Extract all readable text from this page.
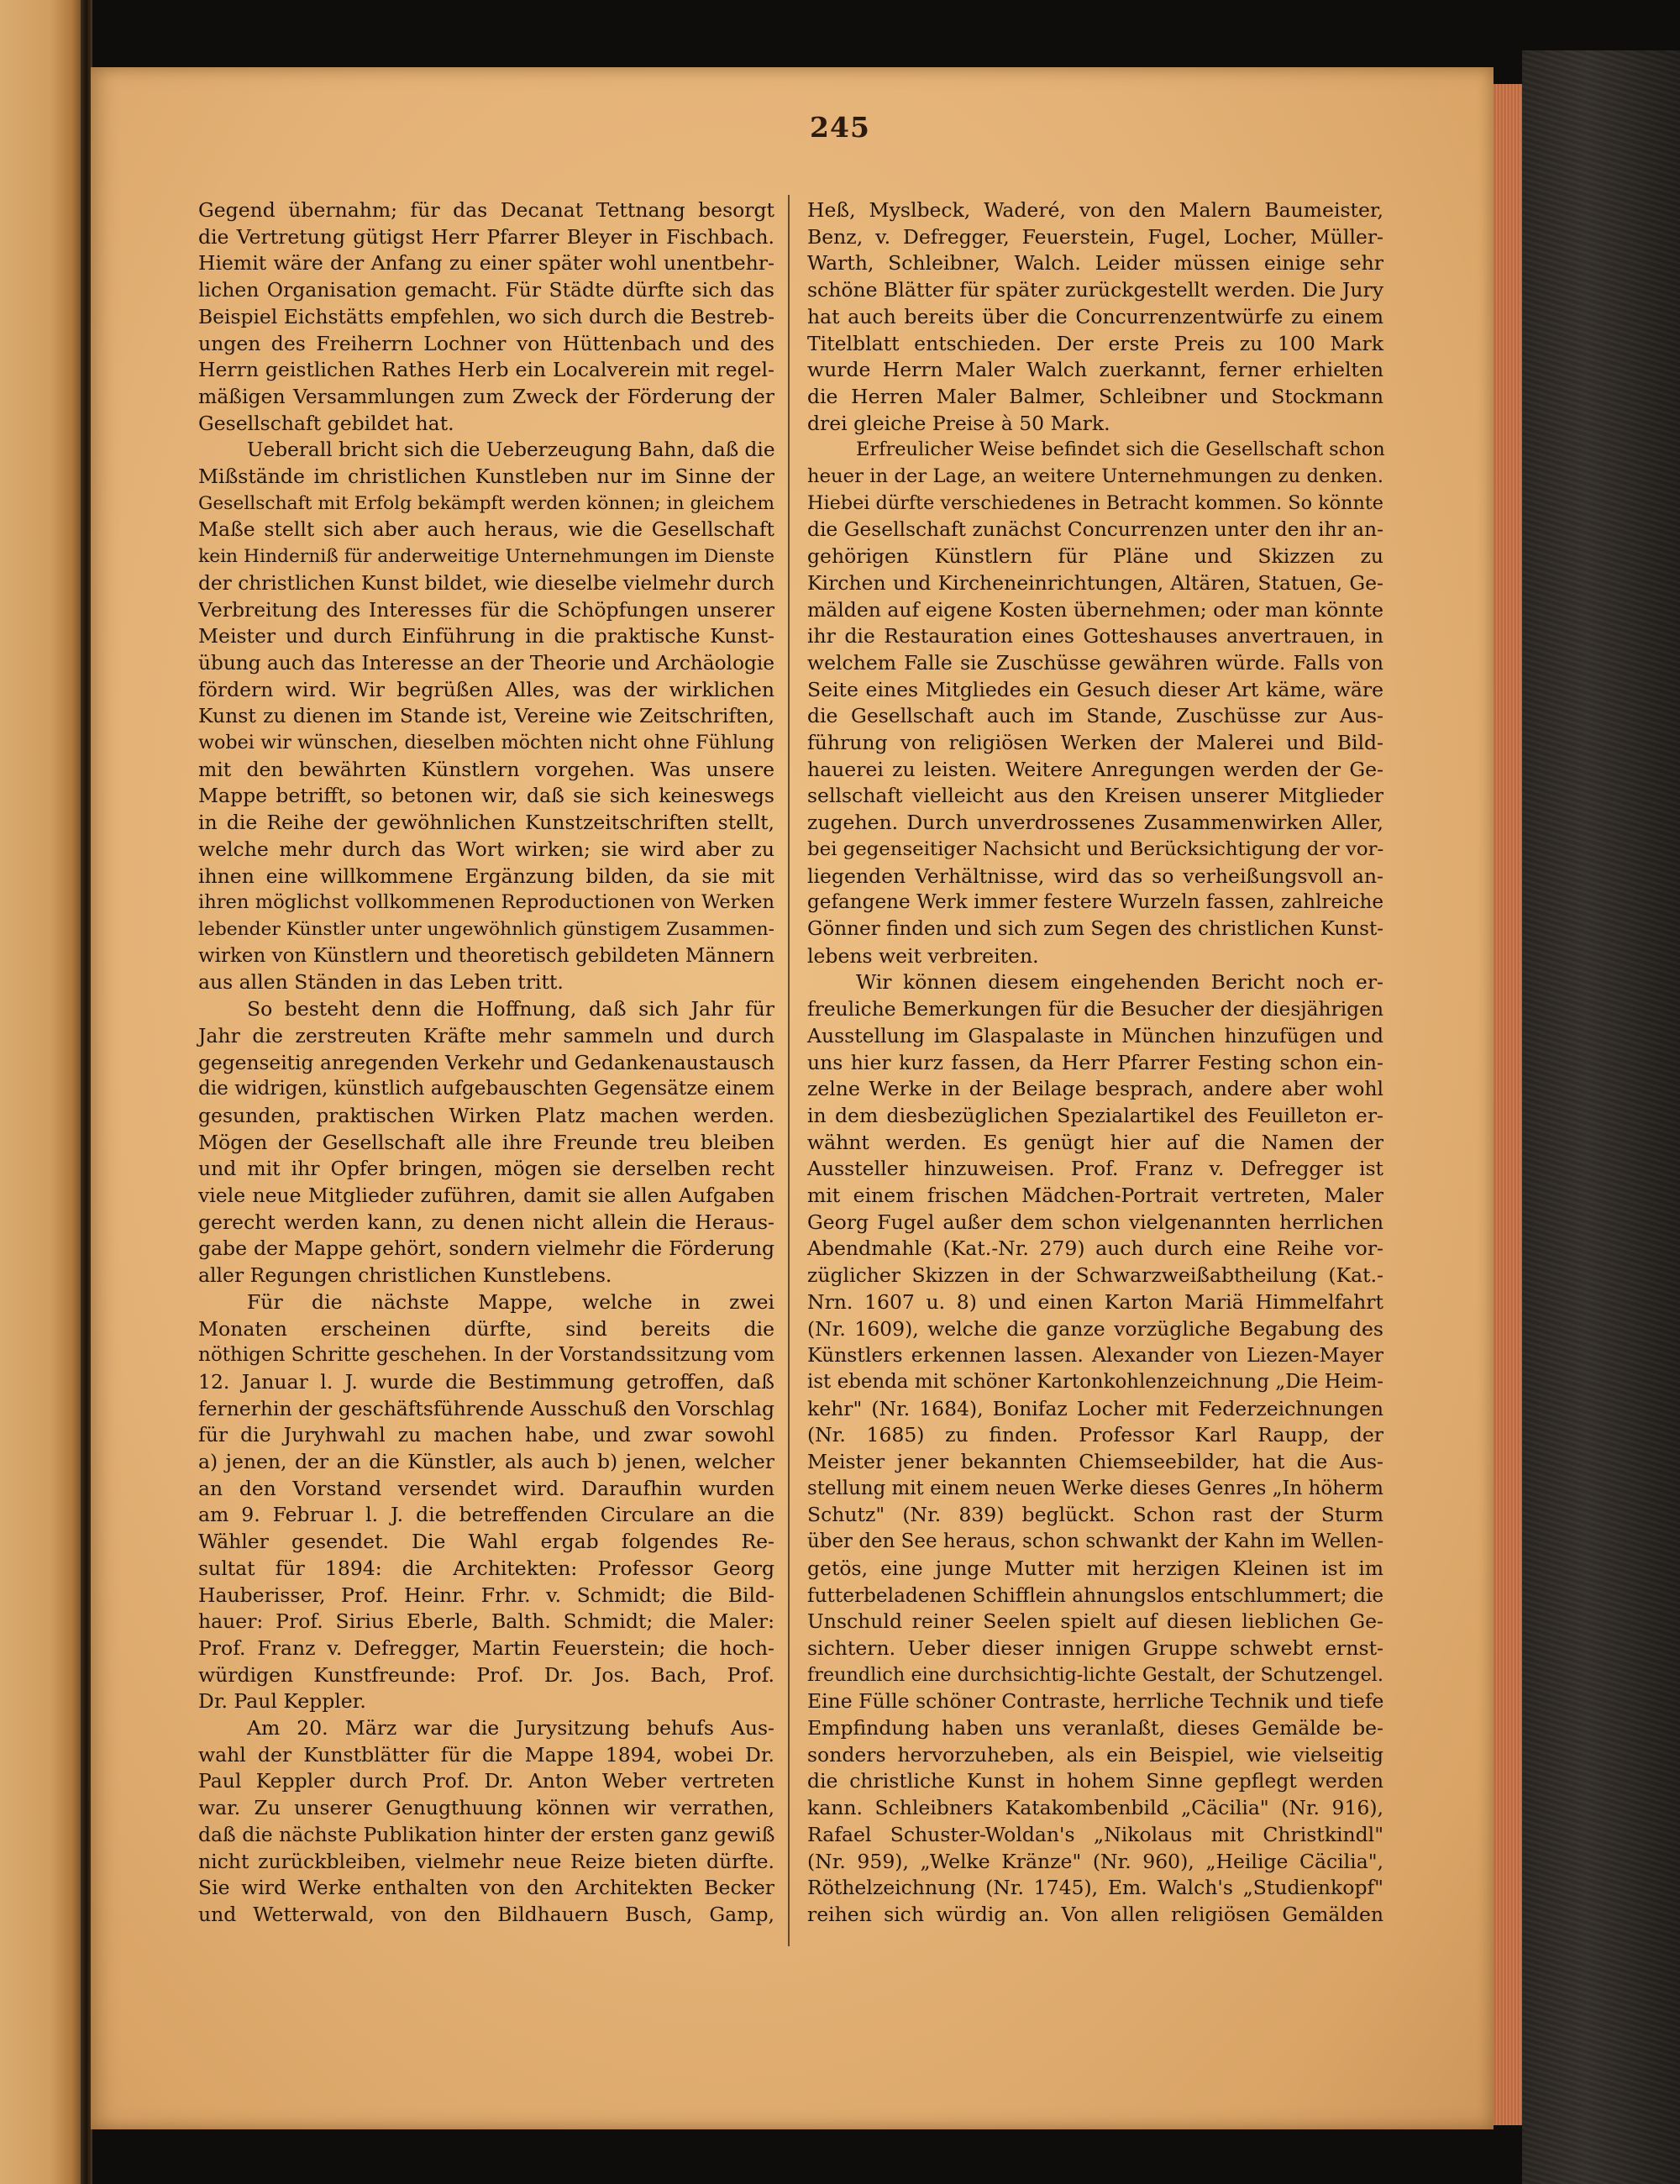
245
Gegend übernahm; für das Decanat Tettnang besorgt
die Vertretung gütigst Herr Pfarrer Bleyer in Fischbach.
Hiemit wäre der Anfang zu einer später wohl unentbehr-
lichen Organisation gemacht. Für Städte dürfte sich das
Beispiel Eichstätts empfehlen, wo sich durch die Bestreb-
ungen des Freiherrn Lochner von Hüttenbach und des
Herrn geistlichen Rathes Herb ein Localverein mit regel-
mäßigen Versammlungen zum Zweck der Förderung der
Gesellschaft gebildet hat.
Ueberall bricht sich die Ueberzeugung Bahn, daß die
Mißstände im christlichen Kunstleben nur im Sinne der
Gesellschaft mit Erfolg bekämpft werden können; in gleichem
Maße stellt sich aber auch heraus, wie die Gesellschaft
kein Hinderniß für anderweitige Unternehmungen im Dienste
der christlichen Kunst bildet, wie dieselbe vielmehr durch
Verbreitung des Interesses für die Schöpfungen unserer
Meister und durch Einführung in die praktische Kunst-
übung auch das Interesse an der Theorie und Archäologie
fördern wird. Wir begrüßen Alles, was der wirklichen
Kunst zu dienen im Stande ist, Vereine wie Zeitschriften,
wobei wir wünschen, dieselben möchten nicht ohne Fühlung
mit den bewährten Künstlern vorgehen. Was unsere
Mappe betrifft, so betonen wir, daß sie sich keineswegs
in die Reihe der gewöhnlichen Kunstzeitschriften stellt,
welche mehr durch das Wort wirken; sie wird aber zu
ihnen eine willkommene Ergänzung bilden, da sie mit
ihren möglichst vollkommenen Reproductionen von Werken
lebender Künstler unter ungewöhnlich günstigem Zusammen-
wirken von Künstlern und theoretisch gebildeten Männern
aus allen Ständen in das Leben tritt.
So besteht denn die Hoffnung, daß sich Jahr für
Jahr die zerstreuten Kräfte mehr sammeln und durch
gegenseitig anregenden Verkehr und Gedankenaustausch
die widrigen, künstlich aufgebauschten Gegensätze einem
gesunden, praktischen Wirken Platz machen werden.
Mögen der Gesellschaft alle ihre Freunde treu bleiben
und mit ihr Opfer bringen, mögen sie derselben recht
viele neue Mitglieder zuführen, damit sie allen Aufgaben
gerecht werden kann, zu denen nicht allein die Heraus-
gabe der Mappe gehört, sondern vielmehr die Förderung
aller Regungen christlichen Kunstlebens.
Für die nächste Mappe, welche in zwei
Monaten erscheinen dürfte, sind bereits die
nöthigen Schritte geschehen. In der Vorstandssitzung vom
12. Januar l. J. wurde die Bestimmung getroffen, daß
fernerhin der geschäftsführende Ausschuß den Vorschlag
für die Juryhwahl zu machen habe, und zwar sowohl
a) jenen, der an die Künstler, als auch b) jenen, welcher
an den Vorstand versendet wird. Daraufhin wurden
am 9. Februar l. J. die betreffenden Circulare an die
Wähler gesendet. Die Wahl ergab folgendes Re-
sultat für 1894: die Architekten: Professor Georg
Hauberisser, Prof. Heinr. Frhr. v. Schmidt; die Bild-
hauer: Prof. Sirius Eberle, Balth. Schmidt; die Maler:
Prof. Franz v. Defregger, Martin Feuerstein; die hoch-
würdigen Kunstfreunde: Prof. Dr. Jos. Bach, Prof.
Dr. Paul Keppler.
Am 20. März war die Jurysitzung behufs Aus-
wahl der Kunstblätter für die Mappe 1894, wobei Dr.
Paul Keppler durch Prof. Dr. Anton Weber vertreten
war. Zu unserer Genugthuung können wir verrathen,
daß die nächste Publikation hinter der ersten ganz gewiß
nicht zurückbleiben, vielmehr neue Reize bieten dürfte.
Sie wird Werke enthalten von den Architekten Becker
und Wetterwald, von den Bildhauern Busch, Gamp,
Heß, Myslbeck, Waderé, von den Malern Baumeister,
Benz, v. Defregger, Feuerstein, Fugel, Locher, Müller-
Warth, Schleibner, Walch. Leider müssen einige sehr
schöne Blätter für später zurückgestellt werden. Die Jury
hat auch bereits über die Concurrenzentwürfe zu einem
Titelblatt entschieden. Der erste Preis zu 100 Mark
wurde Herrn Maler Walch zuerkannt, ferner erhielten
die Herren Maler Balmer, Schleibner und Stockmann
drei gleiche Preise à 50 Mark.
Erfreulicher Weise befindet sich die Gesellschaft schon
heuer in der Lage, an weitere Unternehmungen zu denken.
Hiebei dürfte verschiedenes in Betracht kommen. So könnte
die Gesellschaft zunächst Concurrenzen unter den ihr an-
gehörigen Künstlern für Pläne und Skizzen zu
Kirchen und Kircheneinrichtungen, Altären, Statuen, Ge-
mälden auf eigene Kosten übernehmen; oder man könnte
ihr die Restauration eines Gotteshauses anvertrauen, in
welchem Falle sie Zuschüsse gewähren würde. Falls von
Seite eines Mitgliedes ein Gesuch dieser Art käme, wäre
die Gesellschaft auch im Stande, Zuschüsse zur Aus-
führung von religiösen Werken der Malerei und Bild-
hauerei zu leisten. Weitere Anregungen werden der Ge-
sellschaft vielleicht aus den Kreisen unserer Mitglieder
zugehen. Durch unverdrossenes Zusammenwirken Aller,
bei gegenseitiger Nachsicht und Berücksichtigung der vor-
liegenden Verhältnisse, wird das so verheißungsvoll an-
gefangene Werk immer festere Wurzeln fassen, zahlreiche
Gönner finden und sich zum Segen des christlichen Kunst-
lebens weit verbreiten.
Wir können diesem eingehenden Bericht noch er-
freuliche Bemerkungen für die Besucher der diesjährigen
Ausstellung im Glaspalaste in München hinzufügen und
uns hier kurz fassen, da Herr Pfarrer Festing schon ein-
zelne Werke in der Beilage besprach, andere aber wohl
in dem diesbezüglichen Spezialartikel des Feuilleton er-
wähnt werden. Es genügt hier auf die Namen der
Aussteller hinzuweisen. Prof. Franz v. Defregger ist
mit einem frischen Mädchen-Portrait vertreten, Maler
Georg Fugel außer dem schon vielgenannten herrlichen
Abendmahle (Kat.-Nr. 279) auch durch eine Reihe vor-
züglicher Skizzen in der Schwarzweißabtheilung (Kat.-
Nrn. 1607 u. 8) und einen Karton Mariä Himmelfahrt
(Nr. 1609), welche die ganze vorzügliche Begabung des
Künstlers erkennen lassen. Alexander von Liezen-Mayer
ist ebenda mit schöner Kartonkohlenzeichnung „Die Heim-
kehr" (Nr. 1684), Bonifaz Locher mit Federzeichnungen
(Nr. 1685) zu finden. Professor Karl Raupp, der
Meister jener bekannten Chiemseebilder, hat die Aus-
stellung mit einem neuen Werke dieses Genres „In höherm
Schutz" (Nr. 839) beglückt. Schon rast der Sturm
über den See heraus, schon schwankt der Kahn im Wellen-
getös, eine junge Mutter mit herzigen Kleinen ist im
futterbeladenen Schifflein ahnungslos entschlummert; die
Unschuld reiner Seelen spielt auf diesen lieblichen Ge-
sichtern. Ueber dieser innigen Gruppe schwebt ernst-
freundlich eine durchsichtig-lichte Gestalt, der Schutzengel.
Eine Fülle schöner Contraste, herrliche Technik und tiefe
Empfindung haben uns veranlaßt, dieses Gemälde be-
sonders hervorzuheben, als ein Beispiel, wie vielseitig
die christliche Kunst in hohem Sinne gepflegt werden
kann. Schleibners Katakombenbild „Cäcilia" (Nr. 916),
Rafael Schuster-Woldan's „Nikolaus mit Christkindl"
(Nr. 959), „Welke Kränze" (Nr. 960), „Heilige Cäcilia",
Röthelzeichnung (Nr. 1745), Em. Walch's „Studienkopf"
reihen sich würdig an. Von allen religiösen Gemälden
